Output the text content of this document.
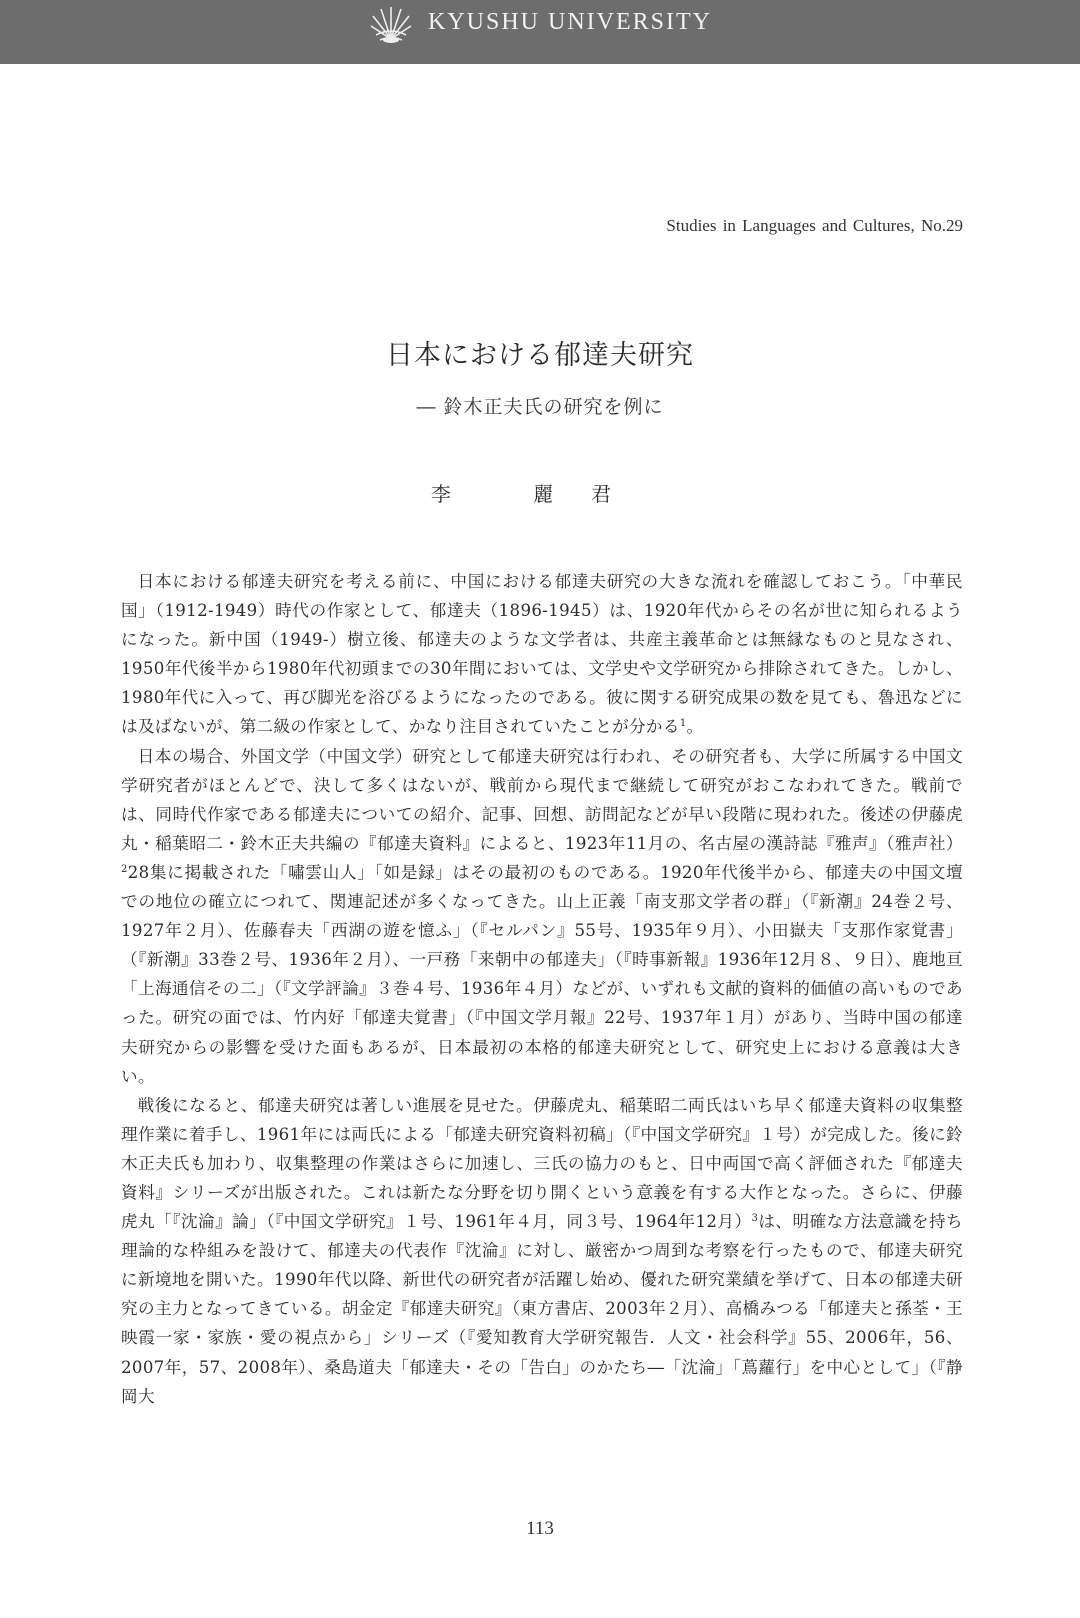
KYUSHU UNIVERSITY
Studies in Languages and Cultures, No.29
日本における郁達夫研究
― 鈴木正夫氏の研究を例に
李 麗君

日本における郁達夫研究を考える前に、中国における郁達夫研究の大きな流れを確認しておこう。「中華民国」（1912-1949）時代の作家として、郁達夫（1896-1945）は、1920年代からその名が世に知られるようになった。新中国（1949-）樹立後、郁達夫のような文学者は、共産主義革命とは無縁なものと見なされ、1950年代後半から1980年代初頭までの30年間においては、文学史や文学研究から排除されてきた。しかし、1980年代に入って、再び脚光を浴びるようになったのである。彼に関する研究成果の数を見ても、魯迅などには及ばないが、第二級の作家として、かなり注目されていたことが分かる$^1$。

日本の場合、外国文学（中国文学）研究として郁達夫研究は行われ、その研究者も、大学に所属する中国文学研究者がほとんどで、決して多くはないが、戦前から現代まで継続して研究がおこなわれてきた。戦前では、同時代作家である郁達夫についての紹介、記事、回想、訪問記などが早い段階に現われた。後述の伊藤虎丸・稲葉昭二・鈴木正夫共編の『郁達夫資料』によると、1923年11月の、名古屋の漢詩誌『雅声』（雅声社）$^2$28集に掲載された「嘯雲山人」「如是録」はその最初のものである。1920年代後半から、郁達夫の中国文壇での地位の確立につれて、関連記述が多くなってきた。山上正義「南支那文学者の群」（『新潮』24巻２号、1927年２月）、佐藤春夫「西湖の遊を憶ふ」（『セルパン』55号、1935年９月）、小田嶽夫「支那作家覚書」（『新潮』33巻２号、1936年２月）、一戸務「来朝中の郁達夫」（『時事新報』1936年12月８、９日）、鹿地亘「上海通信その二」（『文学評論』３巻４号、1936年４月）などが、いずれも文献的資料的価値の高いものであった。研究の面では、竹内好「郁達夫覚書」（『中国文学月報』22号、1937年１月）があり、当時中国の郁達夫研究からの影響を受けた面もあるが、日本最初の本格的郁達夫研究として、研究史上における意義は大きい。

戦後になると、郁達夫研究は著しい進展を見せた。伊藤虎丸、稲葉昭二両氏はいち早く郁達夫資料の収集整理作業に着手し、1961年には両氏による「郁達夫研究資料初稿」（『中国文学研究』１号）が完成した。後に鈴木正夫氏も加わり、収集整理の作業はさらに加速し、三氏の協力のもと、日中両国で高く評価された『郁達夫資料』シリーズが出版された。これは新たな分野を切り開くという意義を有する大作となった。さらに、伊藤虎丸「『沈淪』論」（『中国文学研究』１号、1961年４月，同３号、1964年12月）$^3$は、明確な方法意識を持ち理論的な枠組みを設けて、郁達夫の代表作『沈淪』に対し、厳密かつ周到な考察を行ったもので、郁達夫研究に新境地を開いた。1990年代以降、新世代の研究者が活躍し始め、優れた研究業績を挙げて、日本の郁達夫研究の主力となってきている。胡金定『郁達夫研究』（東方書店、2003年２月）、高橋みつる「郁達夫と孫荃・王映霞一家・家族・愛の視点から」シリーズ（『愛知教育大学研究報告．人文・社会科学』55、2006年，56、2007年，57、2008年）、桑島道夫「郁達夫・その「告白」のかたち―「沈淪」「蔦蘿行」を中心として」（『静岡大

113
